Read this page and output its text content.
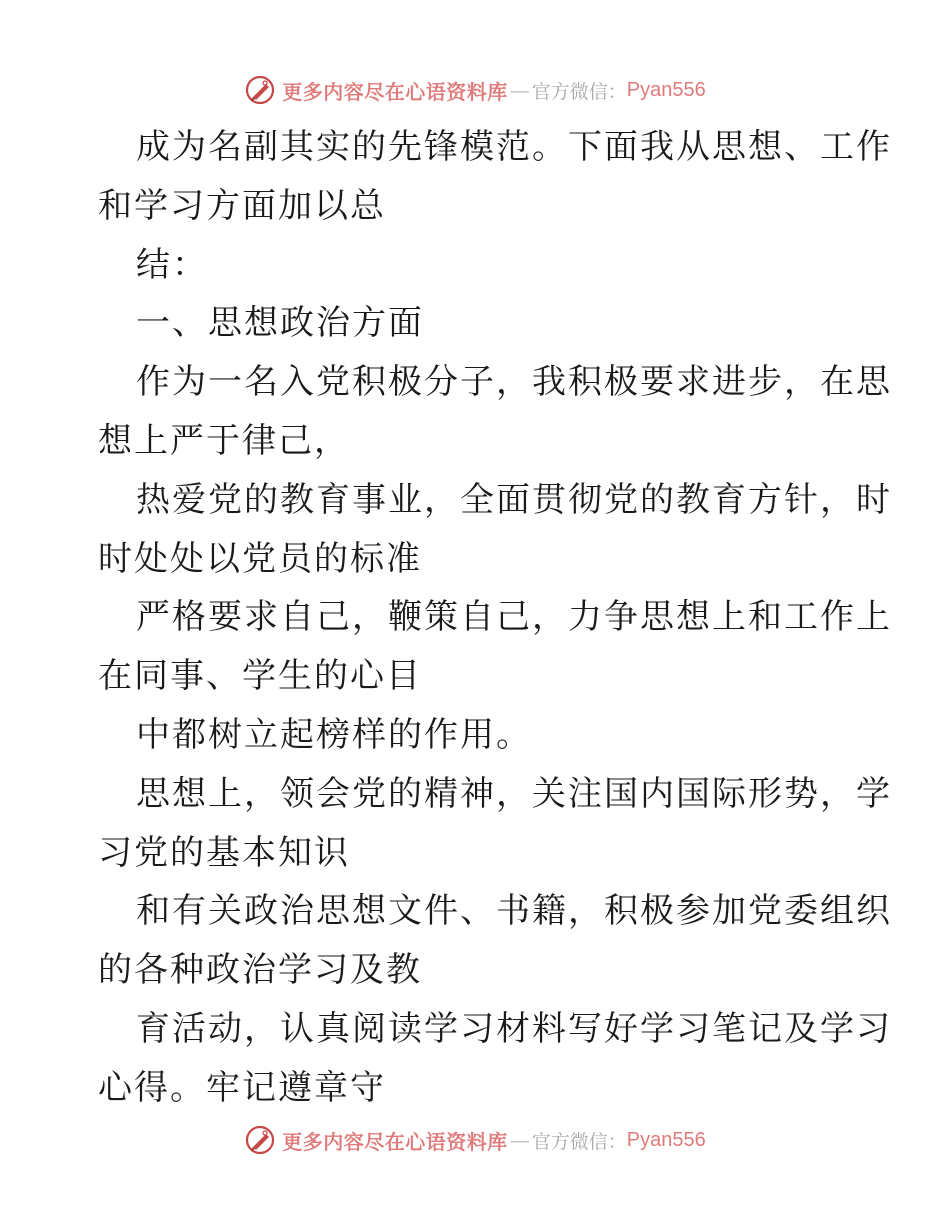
更多内容尽在心语资料库 — 官方微信： Pyan556
成为名副其实的先锋模范。下面我从思想、工作
和学习方面加以总
结：
一、思想政治方面
作为一名入党积极分子，我积极要求进步，在思
想上严于律己，
热爱党的教育事业，全面贯彻党的教育方针，时
时处处以党员的标准
严格要求自己，鞭策自己，力争思想上和工作上
在同事、学生的心目
中都树立起榜样的作用。
思想上，领会党的精神，关注国内国际形势，学
习党的基本知识
和有关政治思想文件、书籍，积极参加党委组织
的各种政治学习及教
育活动，认真阅读学习材料写好学习笔记及学习
心得。牢记遵章守
更多内容尽在心语资料库 — 官方微信： Pyan556
